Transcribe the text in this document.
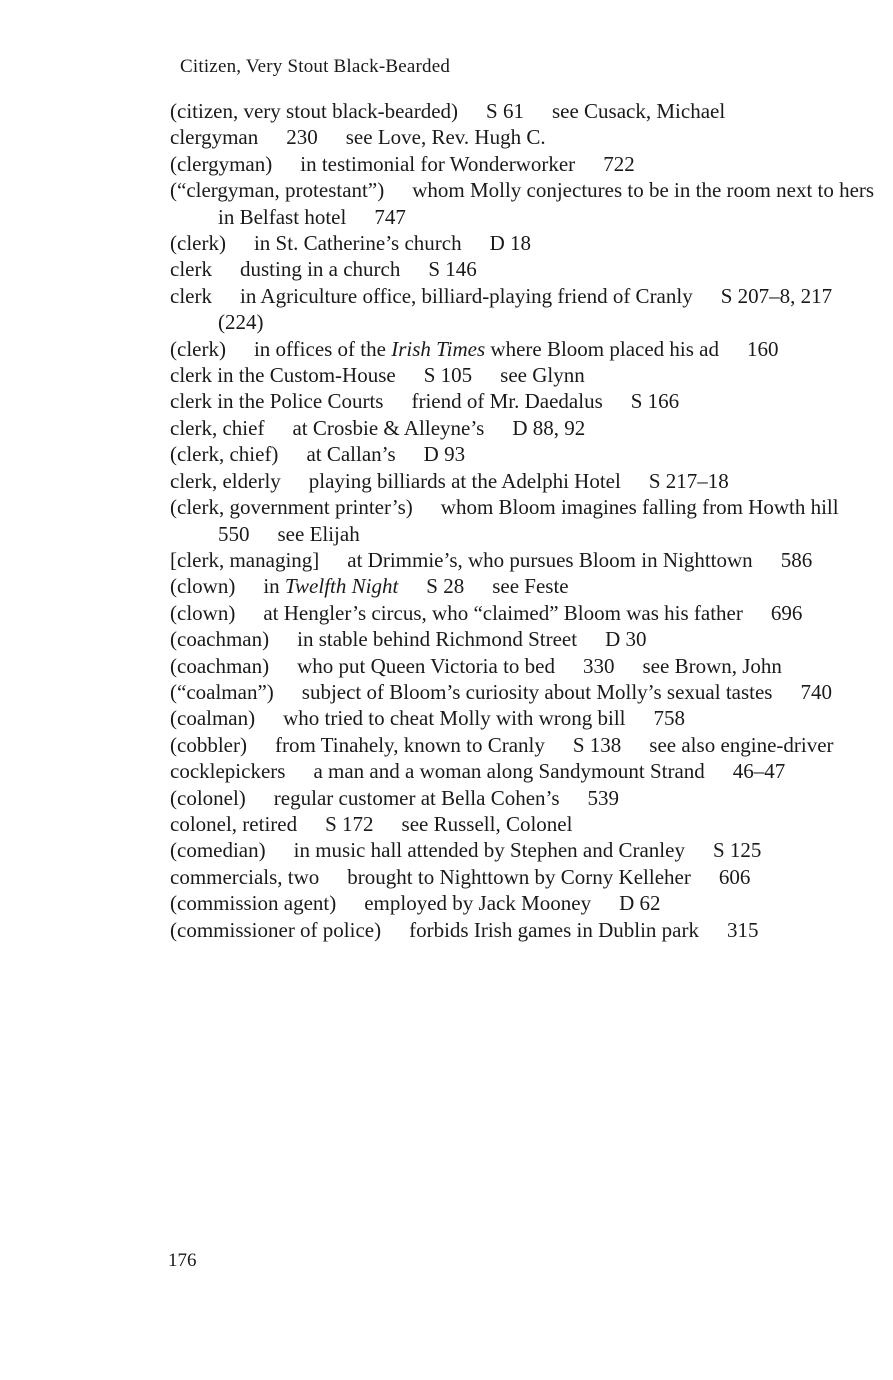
Citizen, Very Stout Black-Bearded

(citizen, very stout black-bearded) S 61 see Cusack, Michael

clergyman 230 see Love, Rev. Hugh C.

(clergyman) in testimonial for Wonderworker 722

(“clergyman, protestant”) whom Molly conjectures to be in the room next to hers in Belfast hotel 747

(clerk) in St. Catherine’s church D 18

clerk dusting in a church S 146

clerk in Agriculture office, billiard-playing friend of Cranly S 207–8, 217 (224)

(clerk) in offices of the Irish Times where Bloom placed his ad 160

clerk in the Custom-House S 105 see Glynn

clerk in the Police Courts friend of Mr. Daedalus S 166

clerk, chief at Crosbie & Alleyne’s D 88, 92

(clerk, chief) at Callan’s D 93

clerk, elderly playing billiards at the Adelphi Hotel S 217–18

(clerk, government printer’s) whom Bloom imagines falling from Howth hill550 see Elijah

[clerk, managing] at Drimmie’s, who pursues Bloom in Nighttown 586

(clown) in Twelfth Night S 28 see Feste

(clown) at Hengler’s circus, who “claimed” Bloom was his father 696

(coachman) in stable behind Richmond Street D 30

(coachman) who put Queen Victoria to bed 330 see Brown, John

(“coalman”) subject of Bloom’s curiosity about Molly’s sexual tastes 740

(coalman) who tried to cheat Molly with wrong bill 758

(cobbler) from Tinahely, known to Cranly S 138 see also engine-driver

cocklepickers a man and a woman along Sandymount Strand 46–47

(colonel) regular customer at Bella Cohen’s 539

colonel, retired S 172 see Russell, Colonel

(comedian) in music hall attended by Stephen and Cranley S 125

commercials, two brought to Nighttown by Corny Kelleher 606

(commission agent) employed by Jack Mooney D 62

(commissioner of police) forbids Irish games in Dublin park 315

176
